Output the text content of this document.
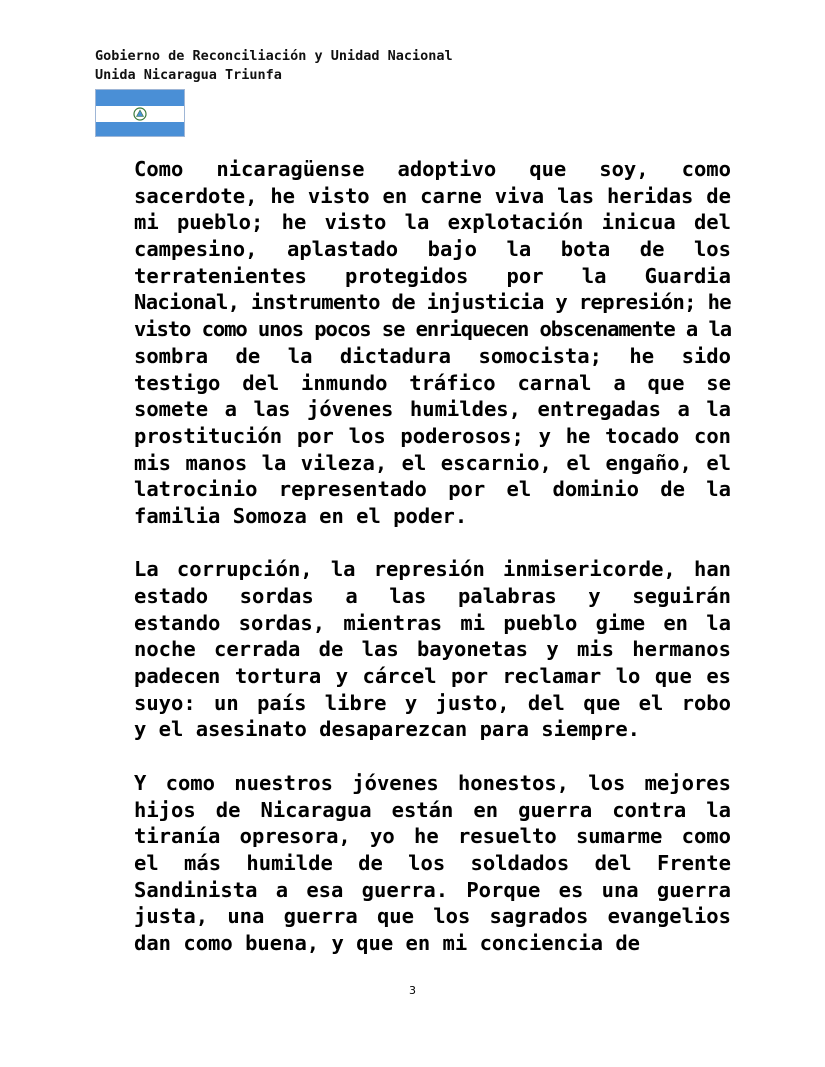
Gobierno de Reconciliación y Unidad Nacional
Unida Nicaragua Triunfa
Como nicaragüense adoptivo que soy, como
sacerdote, he visto en carne viva las heridas de
mi pueblo; he visto la explotación inicua del
campesino, aplastado bajo la bota de los
terratenientes protegidos por la Guardia
Nacional, instrumento de injusticia y represión; he
visto como unos pocos se enriquecen obscenamente a la
sombra de la dictadura somocista; he sido
testigo del inmundo tráfico carnal a que se
somete a las jóvenes humildes, entregadas a la
prostitución por los poderosos; y he tocado con
mis manos la vileza, el escarnio, el engaño, el
latrocinio representado por el dominio de la
familia Somoza en el poder.
La corrupción, la represión inmisericorde, han
estado sordas a las palabras y seguirán
estando sordas, mientras mi pueblo gime en la
noche cerrada de las bayonetas y mis hermanos
padecen tortura y cárcel por reclamar lo que es
suyo: un país libre y justo, del que el robo
y el asesinato desaparezcan para siempre.
Y como nuestros jóvenes honestos, los mejores
hijos de Nicaragua están en guerra contra la
tiranía opresora, yo he resuelto sumarme como
el más humilde de los soldados del Frente
Sandinista a esa guerra. Porque es una guerra
justa, una guerra que los sagrados evangelios
dan como buena, y que en mi conciencia de
3
